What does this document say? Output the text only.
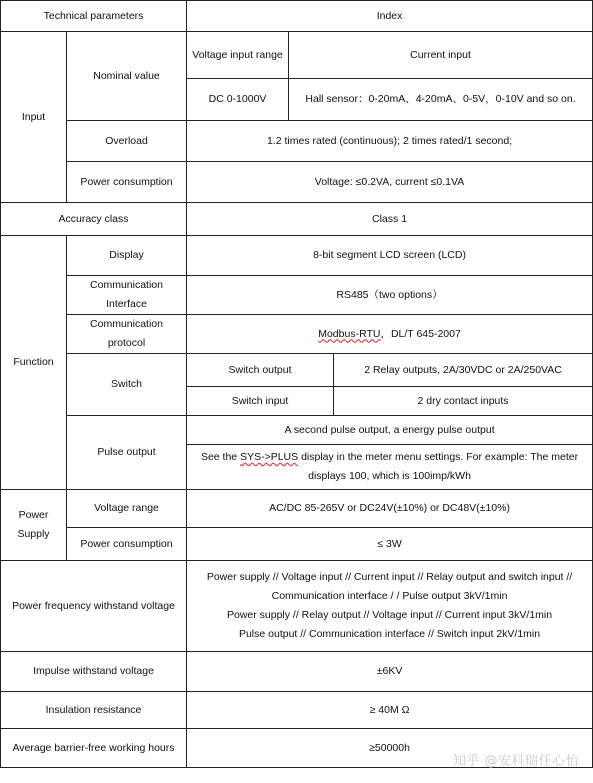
Technical parameters		Index		
Input	Nominal value	Voltage input range	Current input	
		DC 0-1000V	Hall sensor：0-20mA、4-20mA、0-5V，0-10V and so on.	
	Overload	1.2 times rated (continuous); 2 times rated/1 second;		
	Power consumption	Voltage: ≤0.2VA, current ≤0.1VA		
Accuracy class		Class 1		
Function	Display	8-bit segment LCD screen (LCD)		
	Communication Interface	RS485（two options）		
	Communication protocol	Modbus-RTU，DL/T 645-2007		
	Switch	Switch output		2 Relay outputs, 2A/30VDC or 2A/250VAC
		Switch input		2 dry contact inputs
	Pulse output	A second pulse output, a energy pulse output		
		See the SYS->PLUS display in the meter menu settings. For example: The meter displays 100, which is 100imp/kWh		
Power Supply	Voltage range	AC/DC 85-265V or DC24V(±10%) or DC48V(±10%)		
	Power consumption	≤ 3W		
Power frequency withstand voltage		Power supply // Voltage input // Current input // Relay output and switch input //
Communication interface / / Pulse output 3kV/1min
Power supply // Relay output // Voltage input // Current input 3kV/1min
Pulse output // Communication interface // Switch input 2kV/1min		

Impulse withstand voltage		±6KV		
Insulation resistance		≥ 40M Ω		
Average barrier-free working hours		≥50000h		
知乎 @安科瑞任心怡
